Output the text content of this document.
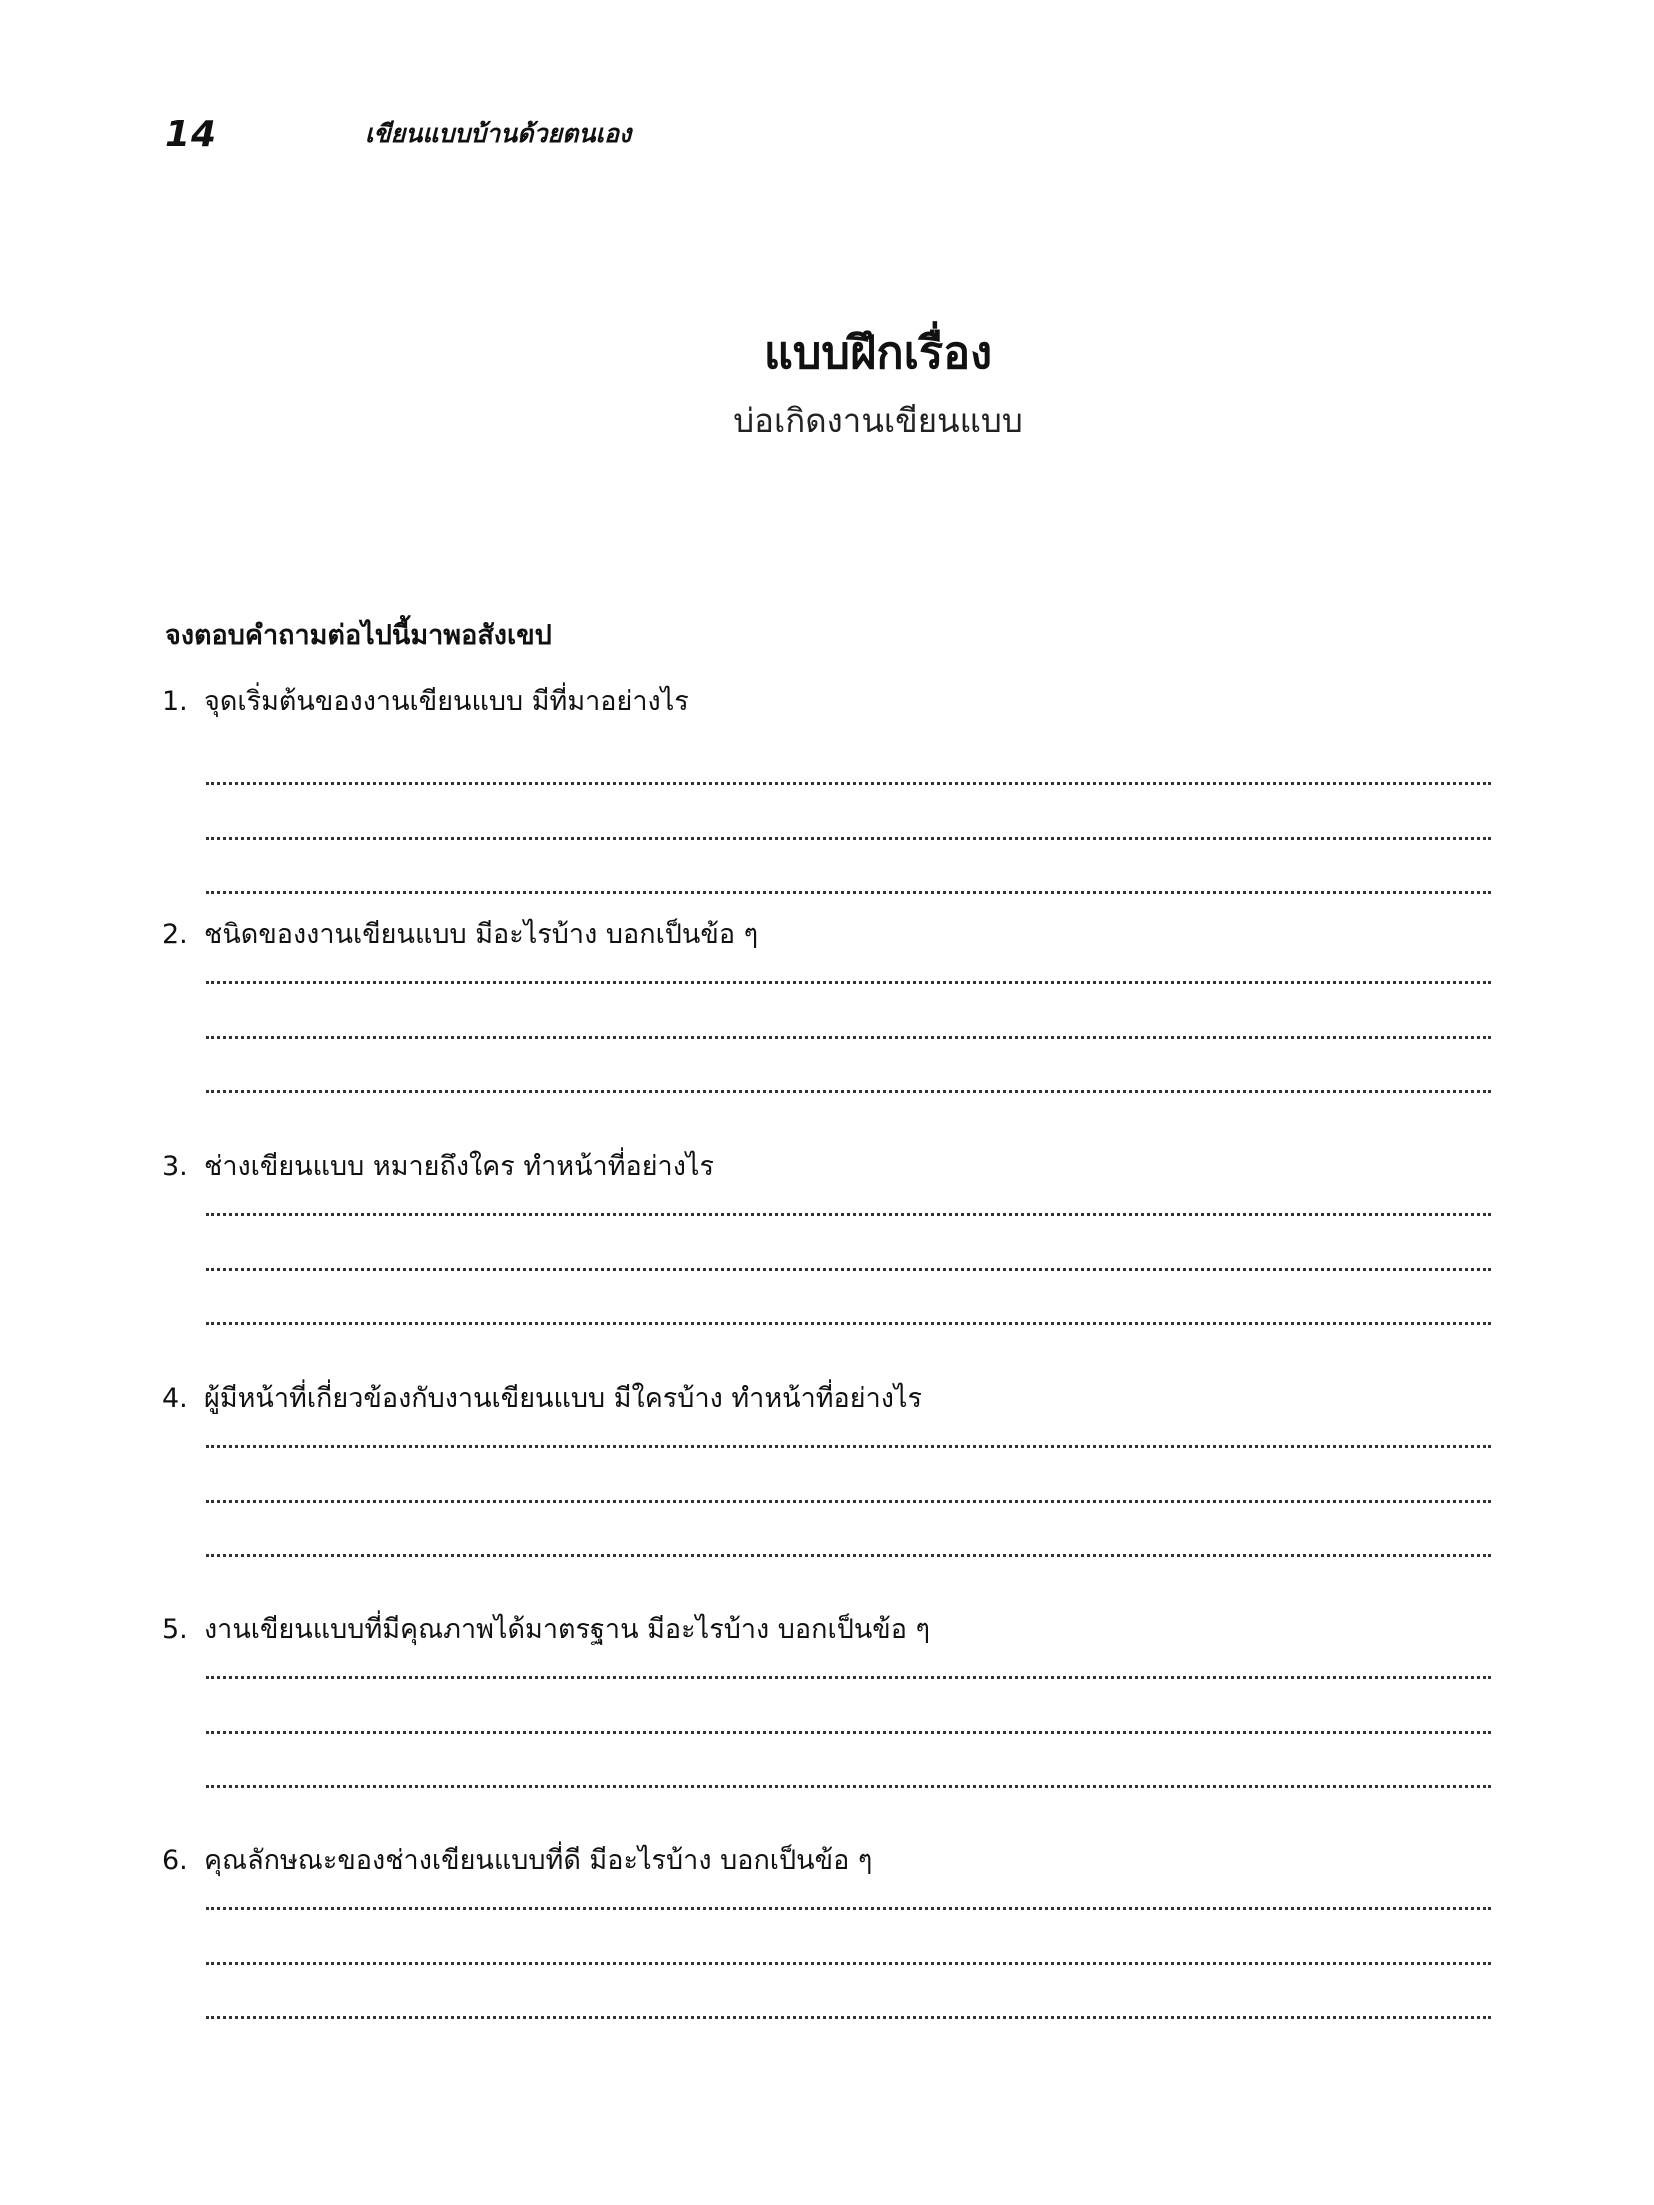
14	เขียนแบบบ้านด้วยตนเอง
แบบฝึกเรื่อง
บ่อเกิดงานเขียนแบบ
จงตอบคำถามต่อไปนี้มาพอสังเขป
1. จุดเริ่มต้นของงานเขียนแบบ มีที่มาอย่างไร
2. ชนิดของงานเขียนแบบ มีอะไรบ้าง บอกเป็นข้อ ๆ
3. ช่างเขียนแบบ หมายถึงใคร ทำหน้าที่อย่างไร
4. ผู้มีหน้าที่เกี่ยวข้องกับงานเขียนแบบ มีใครบ้าง ทำหน้าที่อย่างไร
5. งานเขียนแบบที่มีคุณภาพได้มาตรฐาน มีอะไรบ้าง บอกเป็นข้อ ๆ
6. คุณลักษณะของช่างเขียนแบบที่ดี มีอะไรบ้าง บอกเป็นข้อ ๆ
